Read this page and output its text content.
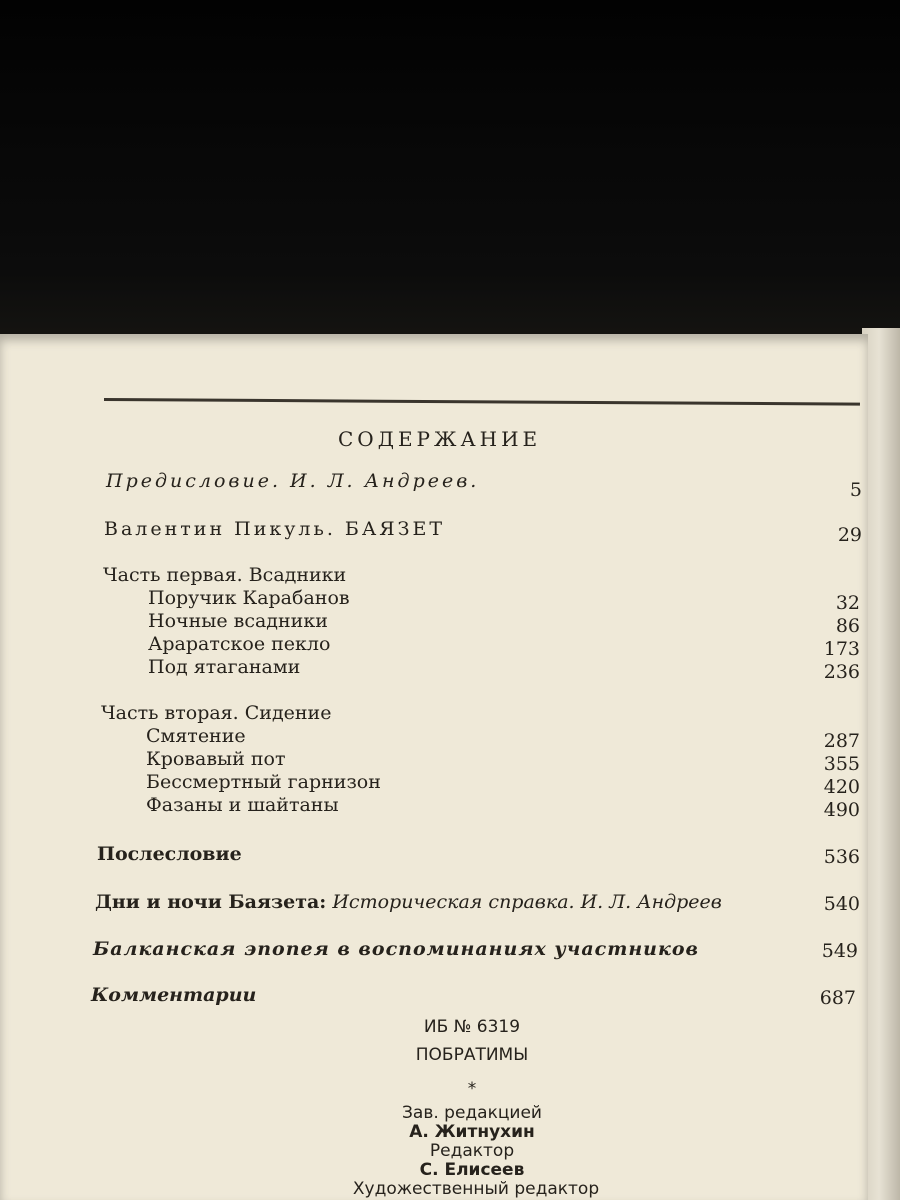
СОДЕРЖАНИЕ
Предисловие. И. Л. Андреев.	5
Валентин Пикуль. БАЯЗЕТ	29
Часть первая. Всадники
Поручик Карабанов	32
Ночные всадники	86
Араратское пекло	173
Под ятаганами	236
Часть вторая. Сидение
Смятение	287
Кровавый пот	355
Бессмертный гарнизон	420
Фазаны и шайтаны	490
Послесловие	536
Дни и ночи Баязета: Историческая справка. И. Л. Андреев	540
Балканская эпопея в воспоминаниях участников	549
Комментарии	687
ИБ № 6319
ПОБРАТИМЫ
*
Зав. редакцией
А. Житнухин
Редактор
С. Елисеев
Художественный редактор
